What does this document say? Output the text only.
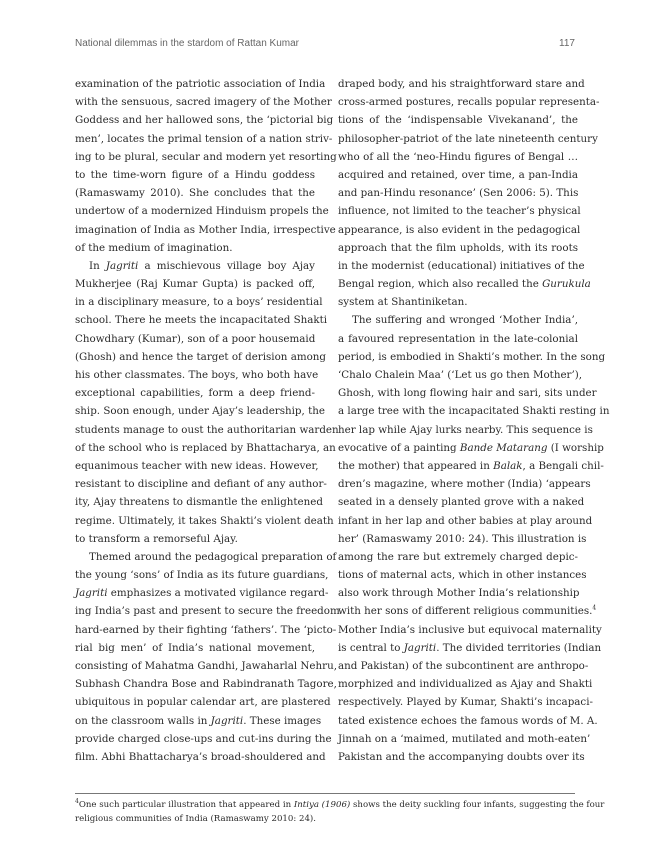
National dilemmas in the stardom of Rattan Kumar	117
examination of the patriotic association of India
with the sensuous, sacred imagery of the Mother
Goddess and her hallowed sons, the ‘pictorial big
men’, locates the primal tension of a nation striv-
ing to be plural, secular and modern yet resorting
to the time-worn figure of a Hindu goddess
(Ramaswamy 2010). She concludes that the
undertow of a modernized Hinduism propels the
imagination of India as Mother India, irrespective
of the medium of imagination.
In Jagriti a mischievous village boy Ajay
Mukherjee (Raj Kumar Gupta) is packed off,
in a disciplinary measure, to a boys’ residential
school. There he meets the incapacitated Shakti
Chowdhary (Kumar), son of a poor housemaid
(Ghosh) and hence the target of derision among
his other classmates. The boys, who both have
exceptional capabilities, form a deep friend-
ship. Soon enough, under Ajay’s leadership, the
students manage to oust the authoritarian warden
of the school who is replaced by Bhattacharya, an
equanimous teacher with new ideas. However,
resistant to discipline and defiant of any author-
ity, Ajay threatens to dismantle the enlightened
regime. Ultimately, it takes Shakti’s violent death
to transform a remorseful Ajay.
Themed around the pedagogical preparation of
the young ‘sons’ of India as its future guardians,
Jagriti emphasizes a motivated vigilance regard-
ing India’s past and present to secure the freedom
hard-earned by their fighting ‘fathers’. The ‘picto-
rial big men’ of India’s national movement,
consisting of Mahatma Gandhi, Jawaharlal Nehru,
Subhash Chandra Bose and Rabindranath Tagore,
ubiquitous in popular calendar art, are plastered
on the classroom walls in Jagriti. These images
provide charged close-ups and cut-ins during the
film. Abhi Bhattacharya’s broad-shouldered and
draped body, and his straightforward stare and
cross-armed postures, recalls popular representa-
tions of the ‘indispensable Vivekanand’, the
philosopher-patriot of the late nineteenth century
who of all the ‘neo-Hindu figures of Bengal …
acquired and retained, over time, a pan-India
and pan-Hindu resonance’ (Sen 2006: 5). This
influence, not limited to the teacher’s physical
appearance, is also evident in the pedagogical
approach that the film upholds, with its roots
in the modernist (educational) initiatives of the
Bengal region, which also recalled the Gurukula
system at Shantiniketan.
The suffering and wronged ‘Mother India’,
a favoured representation in the late-colonial
period, is embodied in Shakti’s mother. In the song
‘Chalo Chalein Maa’ (‘Let us go then Mother’),
Ghosh, with long flowing hair and sari, sits under
a large tree with the incapacitated Shakti resting in
her lap while Ajay lurks nearby. This sequence is
evocative of a painting Bande Matarang (I worship
the mother) that appeared in Balak, a Bengali chil-
dren’s magazine, where mother (India) ‘appears
seated in a densely planted grove with a naked
infant in her lap and other babies at play around
her’ (Ramaswamy 2010: 24). This illustration is
among the rare but extremely charged depic-
tions of maternal acts, which in other instances
also work through Mother India’s relationship
with her sons of different religious communities.$^4$
Mother India’s inclusive but equivocal maternality
is central to Jagriti. The divided territories (Indian
and Pakistan) of the subcontinent are anthropo-
morphized and individualized as Ajay and Shakti
respectively. Played by Kumar, Shakti’s incapaci-
tated existence echoes the famous words of M. A.
Jinnah on a ‘maimed, mutilated and moth-eaten’
Pakistan and the accompanying doubts over its
$^4$One such particular illustration that appeared in Intiya (1906) shows the deity suckling four infants, suggesting the four
religious communities of India (Ramaswamy 2010: 24).
